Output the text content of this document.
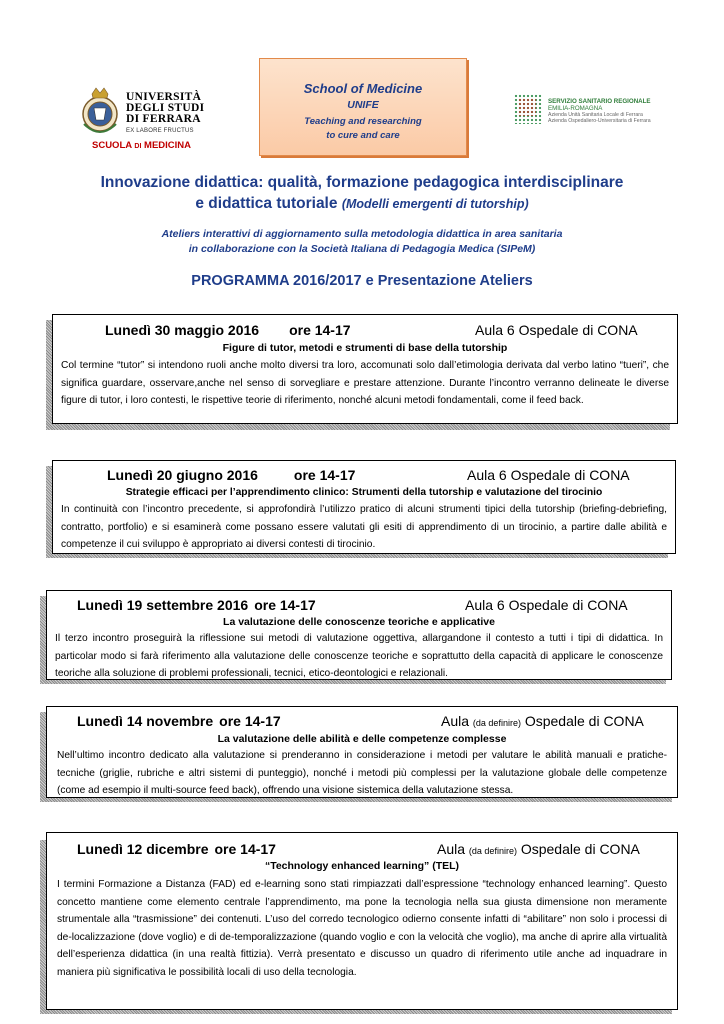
UNIVERSITÀ
DEGLI STUDI
DI FERRARA
EX LABORE FRUCTUS
SCUOLA DI MEDICINA
School of Medicine
UNIFE
Teaching and researching
to cure and care
SERVIZIO SANITARIO REGIONALE
EMILIA-ROMAGNA
Azienda Unità Sanitaria Locale di Ferrara
Azienda Ospedaliero-Universitaria di Ferrara
Innovazione didattica: qualità, formazione pedagogica interdisciplinare
e didattica tutoriale (Modelli emergenti di tutorship)
Ateliers interattivi di aggiornamento sulla metodologia didattica in area sanitaria
in collaborazione con la Società Italiana di Pedagogia Medica (SIPeM)
PROGRAMMA 2016/2017 e Presentazione Ateliers
Lunedì 30 maggio 2016 ore 14-17	Aula 6 Ospedale di CONA
Figure di tutor, metodi e strumenti di base della tutorship
Col termine “tutor” si intendono ruoli anche molto diversi tra loro, accomunati solo dall’etimologia derivata dal verbo latino “tueri”, che significa guardare, osservare,anche nel senso di sorvegliare e prestare attenzione. Durante l’incontro verranno delineate le diverse figure di tutor, i loro contesti, le rispettive teorie di riferimento, nonché alcuni metodi fondamentali, come il feed back.
Lunedì 20 giugno 2016	ore 14-17	Aula 6 Ospedale di CONA
Strategie efficaci per l’apprendimento clinico: Strumenti della tutorship e valutazione del tirocinio
In continuità con l’incontro precedente, si approfondirà l’utilizzo pratico di alcuni strumenti tipici della tutorship (briefing-debriefing, contratto, portfolio) e si esaminerà come possano essere valutati gli esiti di apprendimento di un tirocinio, a partire dalle abilità e competenze il cui sviluppo è appropriato ai diversi contesti di tirocinio.
Lunedì 19 settembre 2016 ore 14-17	Aula 6 Ospedale di CONA
La valutazione delle conoscenze teoriche e applicative
Il terzo incontro proseguirà la riflessione sui metodi di valutazione oggettiva, allargandone il contesto a tutti i tipi di didattica. In particolar modo si farà riferimento alla valutazione delle conoscenze teoriche e soprattutto della capacità di applicare le conoscenze teoriche alla soluzione di problemi professionali, tecnici, etico-deontologici e relazionali.
Lunedì 14 novembre ore 14-17	Aula (da definire) Ospedale di CONA
La valutazione delle abilità e delle competenze complesse
Nell’ultimo incontro dedicato alla valutazione si prenderanno in considerazione i metodi per valutare le abilità manuali e pratiche-tecniche (griglie, rubriche e altri sistemi di punteggio), nonché i metodi più complessi per la valutazione globale delle competenze (come ad esempio il multi-source feed back), offrendo una visione sistemica della valutazione stessa.
Lunedì 12 dicembre ore 14-17	Aula (da definire) Ospedale di CONA
“Technology enhanced learning” (TEL)
I termini Formazione a Distanza (FAD) ed e-learning sono stati rimpiazzati dall’espressione “technology enhanced learning”. Questo concetto mantiene come elemento centrale l’apprendimento, ma pone la tecnologia nella sua giusta dimensione non meramente strumentale alla “trasmissione” dei contenuti. L’uso del corredo tecnologico odierno consente infatti di “abilitare” non solo i processi di de-localizzazione (dove voglio) e di de-temporalizzazione (quando voglio e con la velocità che voglio), ma anche di aprire alla virtualità dell’esperienza didattica (in una realtà fittizia). Verrà presentato e discusso un quadro di riferimento utile anche ad inquadrare in maniera più significativa le possibilità locali di uso della tecnologia.
